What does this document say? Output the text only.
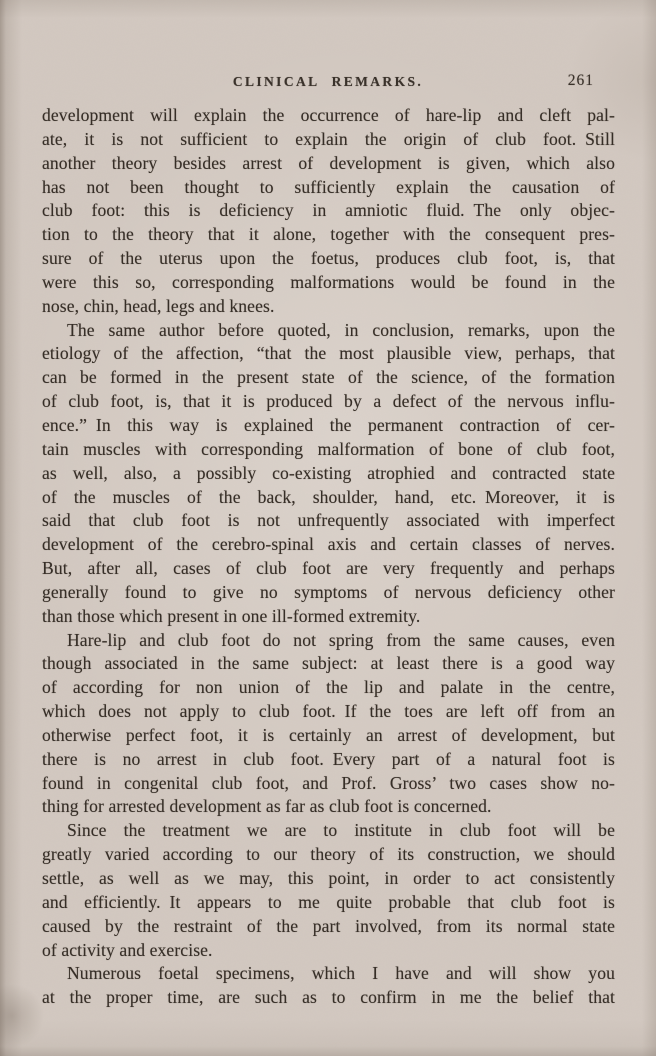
CLINICAL REMARKS.	261
development will explain the occurrence of hare-lip and cleft pal-
ate, it is not sufficient to explain the origin of club foot. Still
another theory besides arrest of development is given, which also
has not been thought to sufficiently explain the causation of
club foot: this is deficiency in amniotic fluid. The only objec-
tion to the theory that it alone, together with the consequent pres-
sure of the uterus upon the foetus, produces club foot, is, that
were this so, corresponding malformations would be found in the
nose, chin, head, legs and knees.
The same author before quoted, in conclusion, remarks, upon the
etiology of the affection, “that the most plausible view, perhaps, that
can be formed in the present state of the science, of the formation
of club foot, is, that it is produced by a defect of the nervous influ-
ence.” In this way is explained the permanent contraction of cer-
tain muscles with corresponding malformation of bone of club foot,
as well, also, a possibly co-existing atrophied and contracted state
of the muscles of the back, shoulder, hand, etc. Moreover, it is
said that club foot is not unfrequently associated with imperfect
development of the cerebro-spinal axis and certain classes of nerves.
But, after all, cases of club foot are very frequently and perhaps
generally found to give no symptoms of nervous deficiency other
than those which present in one ill-formed extremity.
Hare-lip and club foot do not spring from the same causes, even
though associated in the same subject: at least there is a good way
of according for non union of the lip and palate in the centre,
which does not apply to club foot. If the toes are left off from an
otherwise perfect foot, it is certainly an arrest of development, but
there is no arrest in club foot. Every part of a natural foot is
found in congenital club foot, and Prof. Gross’ two cases show no-
thing for arrested development as far as club foot is concerned.
Since the treatment we are to institute in club foot will be
greatly varied according to our theory of its construction, we should
settle, as well as we may, this point, in order to act consistently
and efficiently. It appears to me quite probable that club foot is
caused by the restraint of the part involved, from its normal state
of activity and exercise.
Numerous foetal specimens, which I have and will show you
at the proper time, are such as to confirm in me the belief that
